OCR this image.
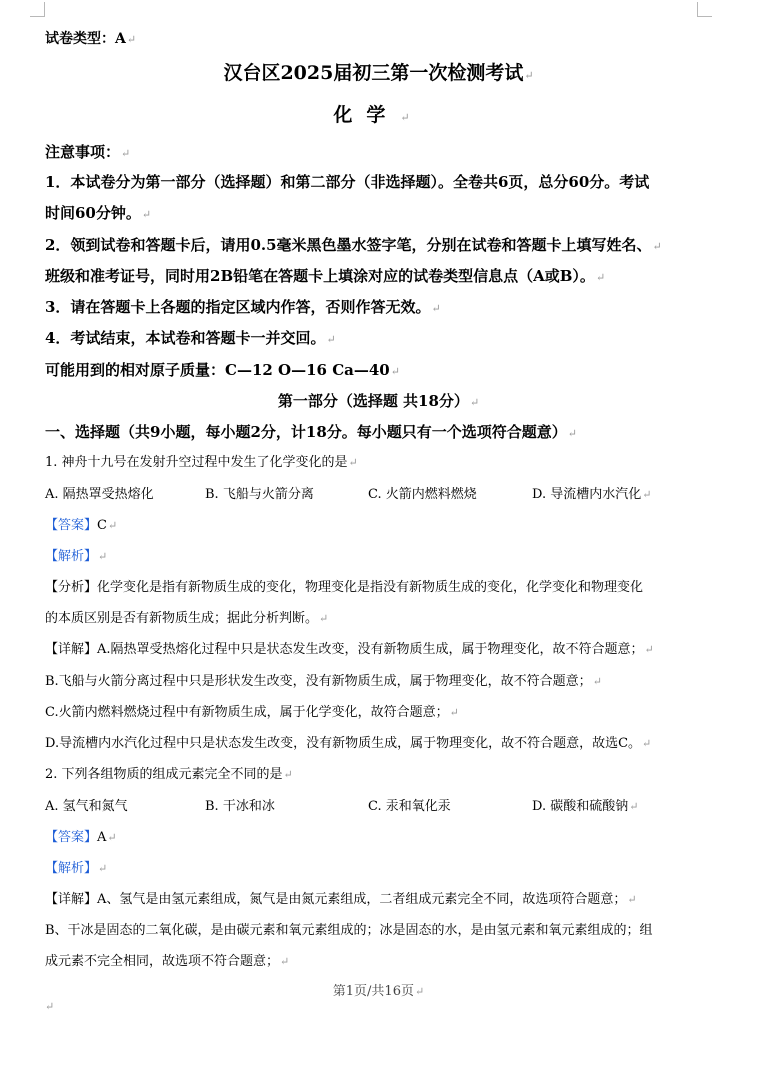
试卷类型：A↵
汉台区2025届初三第一次检测考试↵
化学↵
注意事项：↵
1．本试卷分为第一部分（选择题）和第二部分（非选择题）。全卷共6页，总分60分。考试
时间60分钟。↵
2．领到试卷和答题卡后，请用0.5毫米黑色墨水签字笔，分别在试卷和答题卡上填写姓名、↵
班级和准考证号，同时用2B铅笔在答题卡上填涂对应的试卷类型信息点（A或B）。↵
3．请在答题卡上各题的指定区域内作答，否则作答无效。↵
4．考试结束，本试卷和答题卡一并交回。↵
可能用到的相对原子质量：C—12 O—16 Ca—40↵
第一部分（选择题 共18分）↵
一、选择题（共9小题，每小题2分，计18分。每小题只有一个选项符合题意）↵
1. 神舟十九号在发射升空过程中发生了化学变化的是↵
A. 隔热罩受热熔化	B. 飞船与火箭分离	C. 火箭内燃料燃烧	D. 导流槽内水汽化↵
【答案】C↵
【解析】↵
【分析】化学变化是指有新物质生成的变化，物理变化是指没有新物质生成的变化，化学变化和物理变化
的本质区别是否有新物质生成；据此分析判断。↵
【详解】A.隔热罩受热熔化过程中只是状态发生改变，没有新物质生成，属于物理变化，故不符合题意；↵
B.飞船与火箭分离过程中只是形状发生改变，没有新物质生成，属于物理变化，故不符合题意；↵
C.火箭内燃料燃烧过程中有新物质生成，属于化学变化，故符合题意；↵
D.导流槽内水汽化过程中只是状态发生改变，没有新物质生成，属于物理变化，故不符合题意，故选C。↵
2. 下列各组物质的组成元素完全不同的是↵
A. 氢气和氮气	B. 干冰和冰	C. 汞和氧化汞	D. 碳酸和硫酸钠↵
【答案】A↵
【解析】↵
【详解】A、氢气是由氢元素组成，氮气是由氮元素组成，二者组成元素完全不同，故选项符合题意；↵
B、干冰是固态的二氧化碳，是由碳元素和氧元素组成的；冰是固态的水，是由氢元素和氧元素组成的；组
成元素不完全相同，故选项不符合题意；↵
第1页/共16页↵
↵
